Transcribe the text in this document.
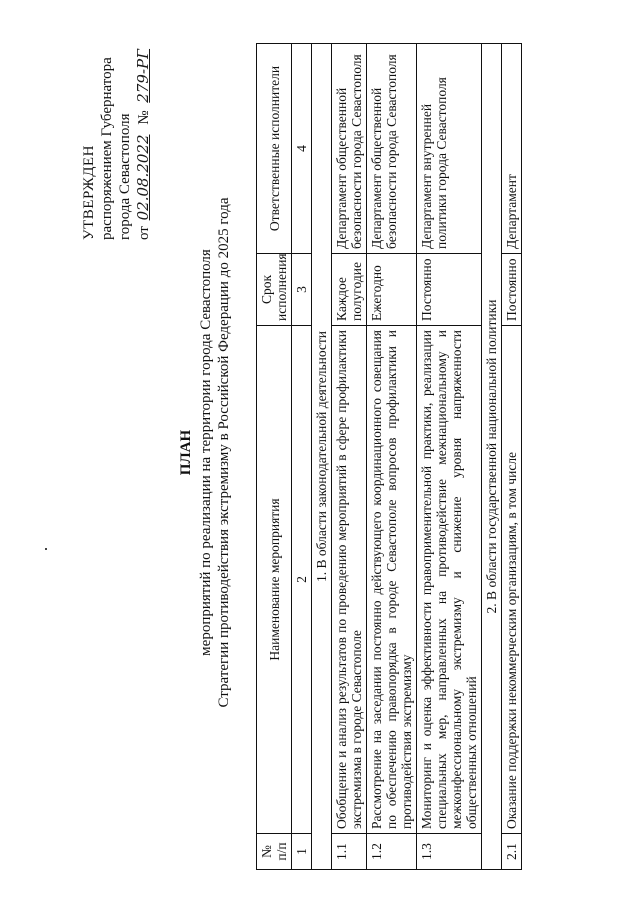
УТВЕРЖДЕН распоряжением Губернатора города Севастополя от 02.08.2022 № 279-РГ
ПЛАН мероприятий по реализации на территории города Севастополя Стратегии противодействия экстремизму в Российской Федерации до 2025 года
№ п/п	Наименование мероприятия	Срок исполнения	Ответственные исполнители
1	2	3	4
1. В области законодательной деятельности			
1.1	Обобщение и анализ результатов по проведению мероприятий в сфере профилактики экстремизма в городе Севастополе	Каждое полугодие	Департамент общественной безопасности города Севастополя
1.2	Рассмотрение на заседании постоянно действующего координационного совещания по обеспечению правопорядка в городе Севастополе вопросов профилактики и противодействия экстремизму	Ежегодно	Департамент общественной безопасности города Севастополя
1.3	Мониторинг и оценка эффективности правоприменительной практики, реализации специальных мер, направленных на противодействие межнациональному и межконфессиональному экстремизму и снижение уровня напряженности общественных отношений	Постоянно	Департамент внутренней политики города Севастополя
2. В области государственной национальной политики			
2.1	Оказание поддержки некоммерческим организациям, в том числе	Постоянно	Департамент
